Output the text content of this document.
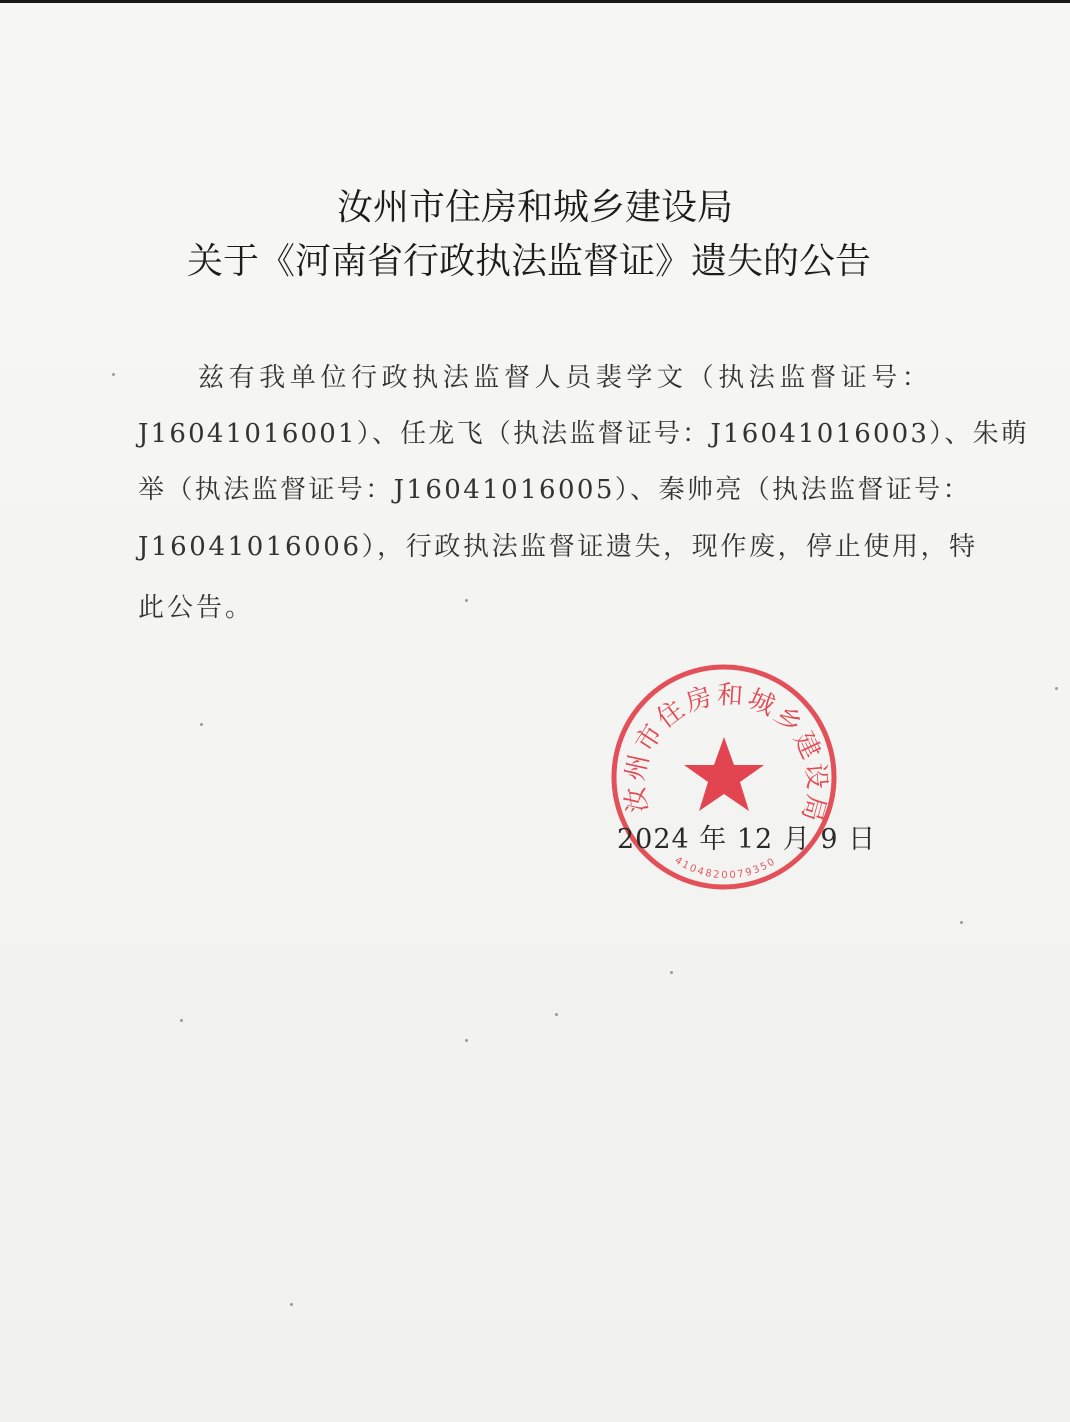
汝州市住房和城乡建设局
关于《河南省行政执法监督证》遗失的公告
兹有我单位行政执法监督人员裴学文（执法监督证号：
J16041016001）、任龙飞（执法监督证号：J16041016003）、朱萌
举（执法监督证号：J16041016005）、秦帅亮（执法监督证号：
J16041016006），行政执法监督证遗失，现作废，停止使用，特
此公告。
汝州市住房和城乡建设局
4104820079350
2024 年 12 月 9 日
